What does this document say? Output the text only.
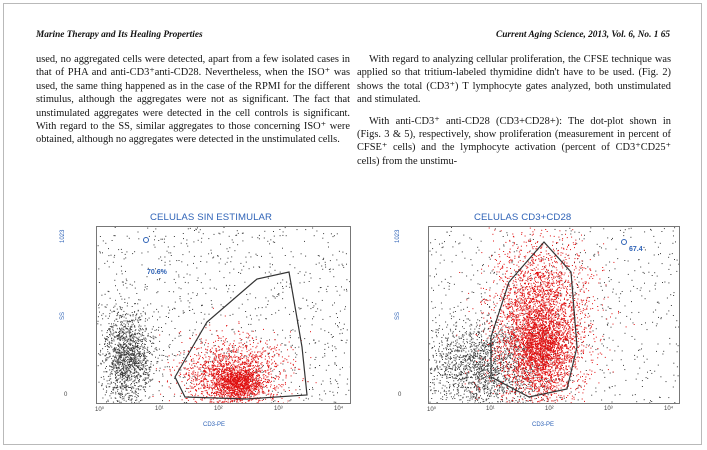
Marine Therapy and Its Healing Properties	Current Aging Science, 2013, Vol. 6, No. 1 65

used, no aggregated cells were detected, apart from a few isolated cases in that of PHA and anti-CD3⁺anti-CD28. Nevertheless, when the ISO⁺ was used, the same thing happened as in the case of the RPMI for the different stimulus, although the aggregates were not as significant. The fact that unstimulated aggregates were detected in the cell controls is significant. With regard to the SS, similar aggregates to those concerning ISO⁺ were obtained, although no aggregates were detected in the unstimulated cells.

With regard to analyzing cellular proliferation, the CFSE technique was applied so that tritium-labeled thymidine didn't have to be used. (Fig. 2) shows the total (CD3⁺) T lymphocyte gates analyzed, both unstimulated and stimulated.

With anti-CD3⁺ anti-CD28 (CD3+CD28+): The dot-plot shown in (Figs. 3 & 5), respectively, show proliferation (measurement in percent of CFSE⁺ cells) and the lymphocyte activation (percent of CD3⁺CD25⁺ cells) from the unstimu-

CELULAS SIN ESTIMULAR
1023
SS
0
70.6%
10⁰	10¹	10²	10³	10⁴
CD3-PE
CELULAS CD3+CD28
1023
SS
0
67.4
10⁰	10¹	10²	10³	10⁴
CD3-PE
